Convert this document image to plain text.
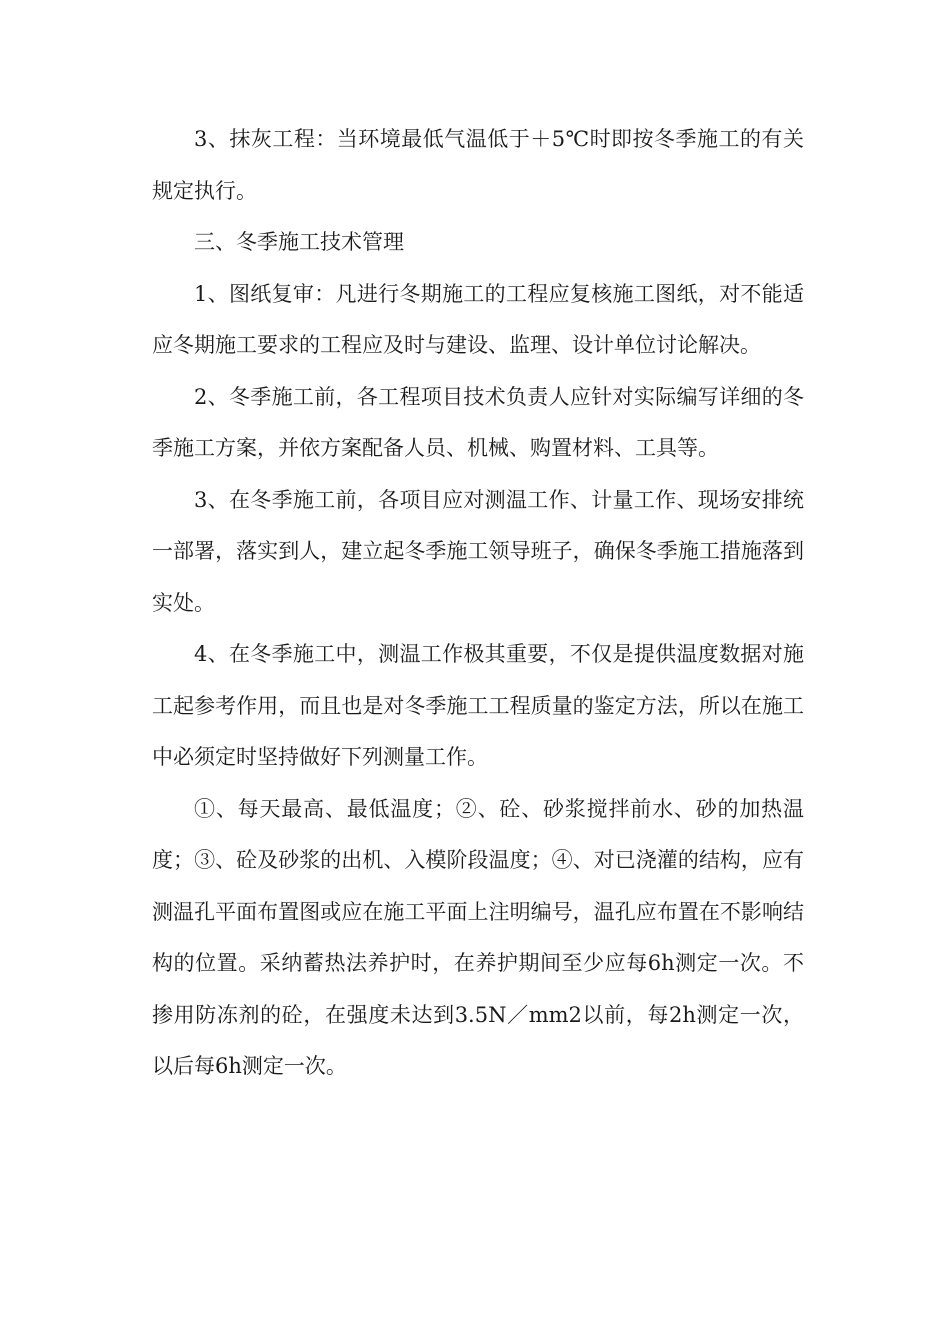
3、抹灰工程：当环境最低气温低于＋5℃时即按冬季施工的有关规定执行。

三、冬季施工技术管理

1、图纸复审：凡进行冬期施工的工程应复核施工图纸，对不能适应冬期施工要求的工程应及时与建设、监理、设计单位讨论解决。

2、冬季施工前，各工程项目技术负责人应针对实际编写详细的冬季施工方案，并依方案配备人员、机械、购置材料、工具等。

3、在冬季施工前，各项目应对测温工作、计量工作、现场安排统一部署，落实到人，建立起冬季施工领导班子，确保冬季施工措施落到实处。

4、在冬季施工中，测温工作极其重要，不仅是提供温度数据对施工起参考作用，而且也是对冬季施工工程质量的鉴定方法，所以在施工中必须定时坚持做好下列测量工作。

①、每天最高、最低温度；②、砼、砂浆搅拌前水、砂的加热温度；③、砼及砂浆的出机、入模阶段温度；④、对已浇灌的结构，应有测温孔平面布置图或应在施工平面上注明编号，温孔应布置在不影响结构的位置。采纳蓄热法养护时，在养护期间至少应每6h测定一次。不掺用防冻剂的砼，在强度未达到3.5N／mm2以前，每2h测定一次，以后每6h测定一次。
